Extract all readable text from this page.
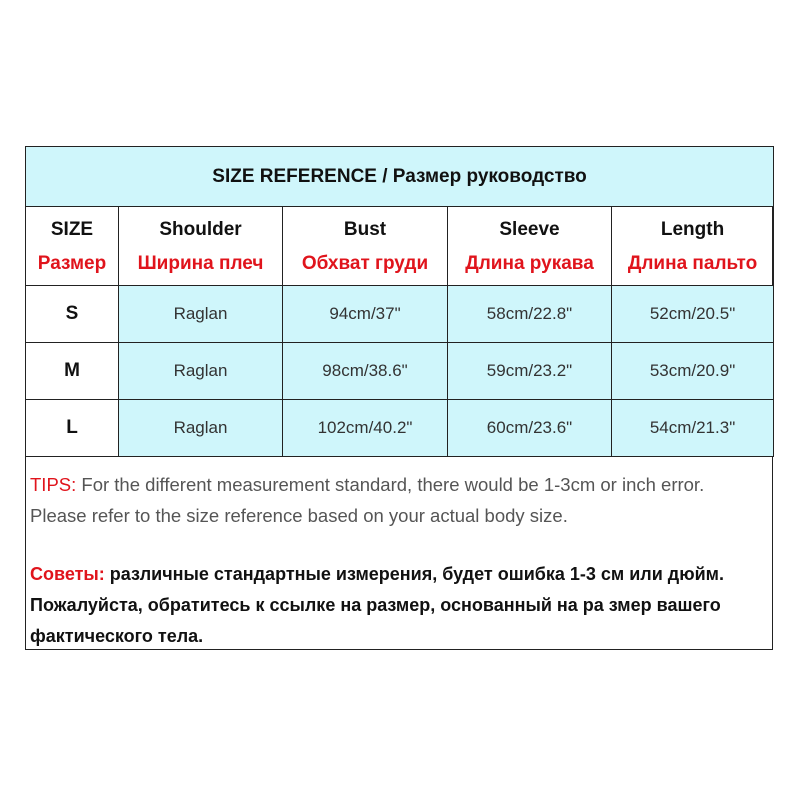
SIZE REFERENCE / Размер руководство				
SIZE	Shoulder	Bust	Sleeve	Length
Размер	Ширина плеч	Обхват груди	Длина рукава	Длина пальто
S	Raglan	94cm/37"	58cm/22.8"	52cm/20.5"
M	Raglan	98cm/38.6"	59cm/23.2"	53cm/20.9"
L	Raglan	102cm/40.2"	60cm/23.6"	54cm/21.3"
TIPS: For the different measurement standard, there would be 1-3cm or inch error. Please refer to the size reference based on your actual body size.
Советы: различные стандартные измерения, будет ошибка 1-3 см или дюйм. Пожалуйста, обратитесь к ссылке на размер, основанный на ра змер вашего фактического тела.
